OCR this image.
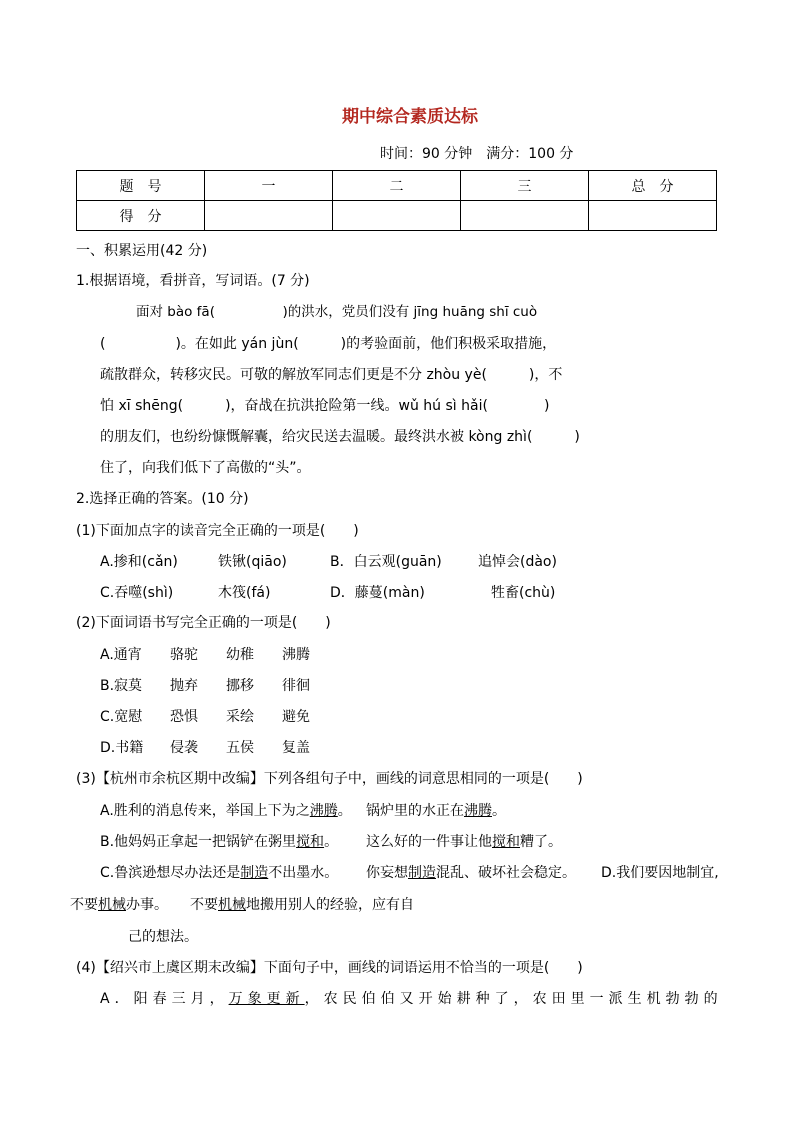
期中综合素质达标
时间：90 分钟　满分：100 分
题　号	一	二	三	总　分
得　分				
一、积累运用(42 分)
1.根据语境，看拼音，写词语。(7 分)
面对 bào fā(　　　　　)的洪水，党员们没有 jīng huāng shī cuò
(　　　　　)。在如此 yán jùn(　　　)的考验面前，他们积极采取措施，
疏散群众，转移灾民。可敬的解放军同志们更是不分 zhòu yè(　　　)，不
怕 xī shēng(　　　)，奋战在抗洪抢险第一线。wǔ hú sì hǎi(　　　　)
的朋友们，也纷纷慷慨解囊，给灾民送去温暖。最终洪水被 kòng zhì(　　　)
住了，向我们低下了高傲的“头”。
2.选择正确的答案。(10 分)
(1)下面加点字的读音完全正确的一项是(　　)
A.掺和(cǎn)	铁锹(qiāo)	B．白云观(guān)	追悼会(dào)
C.吞噬(shì)	木筏(fá)	D．藤蔓(màn)	牲畜(chù)
(2)下面词语书写完全正确的一项是(　　)
A.通宵 骆驼 幼稚 沸腾
B.寂莫 抛弃 挪移 徘徊
C.宽慰 恐惧 采绘 避免
D.书籍 侵袭 五侯 复盖
(3)【杭州市余杭区期中改编】下列各组句子中，画线的词意思相同的一项是(　　)
A.胜利的消息传来，举国上下为之沸腾。 锅炉里的水正在沸腾。
B.他妈妈正拿起一把锅铲在粥里搅和。 这么好的一件事让他搅和糟了。
C.鲁滨逊想尽办法还是制造不出墨水。 你妄想制造混乱、破坏社会稳定。 D.我们要因地制宜,
不要机械办事。 不要机械地搬用别人的经验，应有自
己的想法。
(4)【绍兴市上虞区期末改编】下面句子中，画线的词语运用不恰当的一项是(　　)
A．阳春三月，万象更新，农民伯伯又开始耕种了，农田里一派生机勃勃的
